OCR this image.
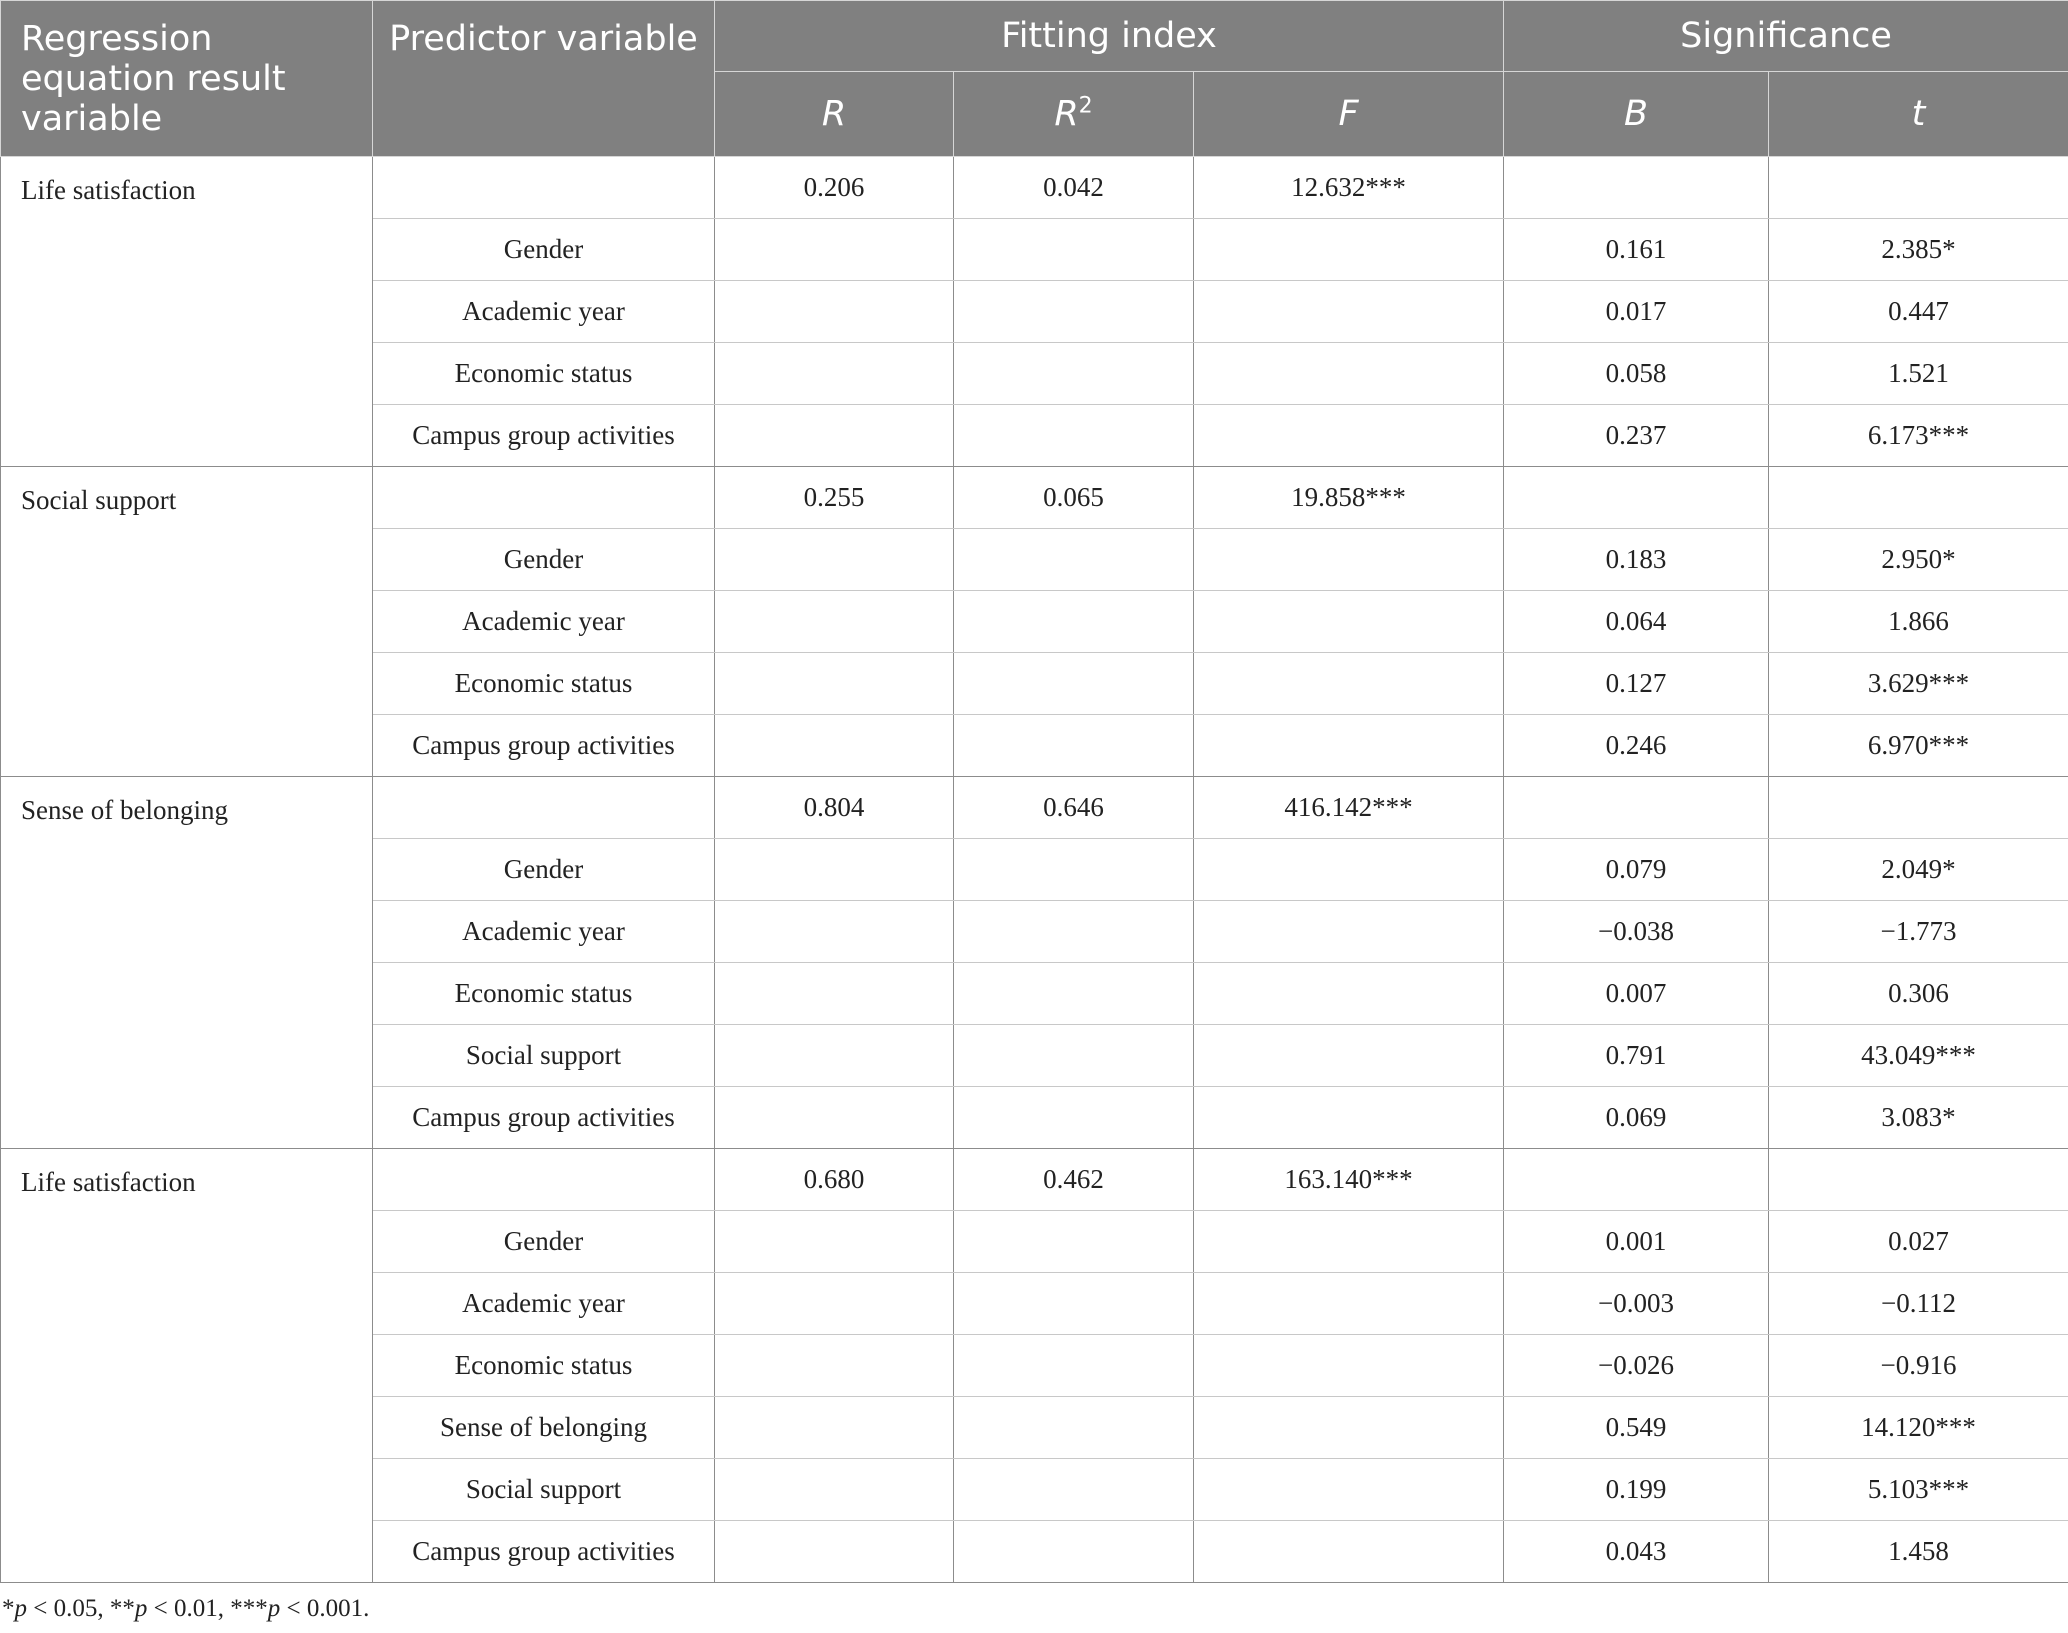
Regression equation result variable	Predictor variable	Fitting index			Significance	
		R	$R^2$	F	B	t
Life satisfaction		0.206	0.042	12.632***		
	Gender				0.161	2.385*
	Academic year				0.017	0.447
	Economic status				0.058	1.521
	Campus group activities				0.237	6.173***
Social support		0.255	0.065	19.858***		
	Gender				0.183	2.950*
	Academic year				0.064	1.866
	Economic status				0.127	3.629***
	Campus group activities				0.246	6.970***
Sense of belonging		0.804	0.646	416.142***		
	Gender				0.079	2.049*
	Academic year				−0.038	−1.773
	Economic status				0.007	0.306
	Social support				0.791	43.049***
	Campus group activities				0.069	3.083*
Life satisfaction		0.680	0.462	163.140***		
	Gender				0.001	0.027
	Academic year				−0.003	−0.112
	Economic status				−0.026	−0.916
	Sense of belonging				0.549	14.120***
	Social support				0.199	5.103***
	Campus group activities				0.043	1.458
*p < 0.05, **p < 0.01, ***p < 0.001.
